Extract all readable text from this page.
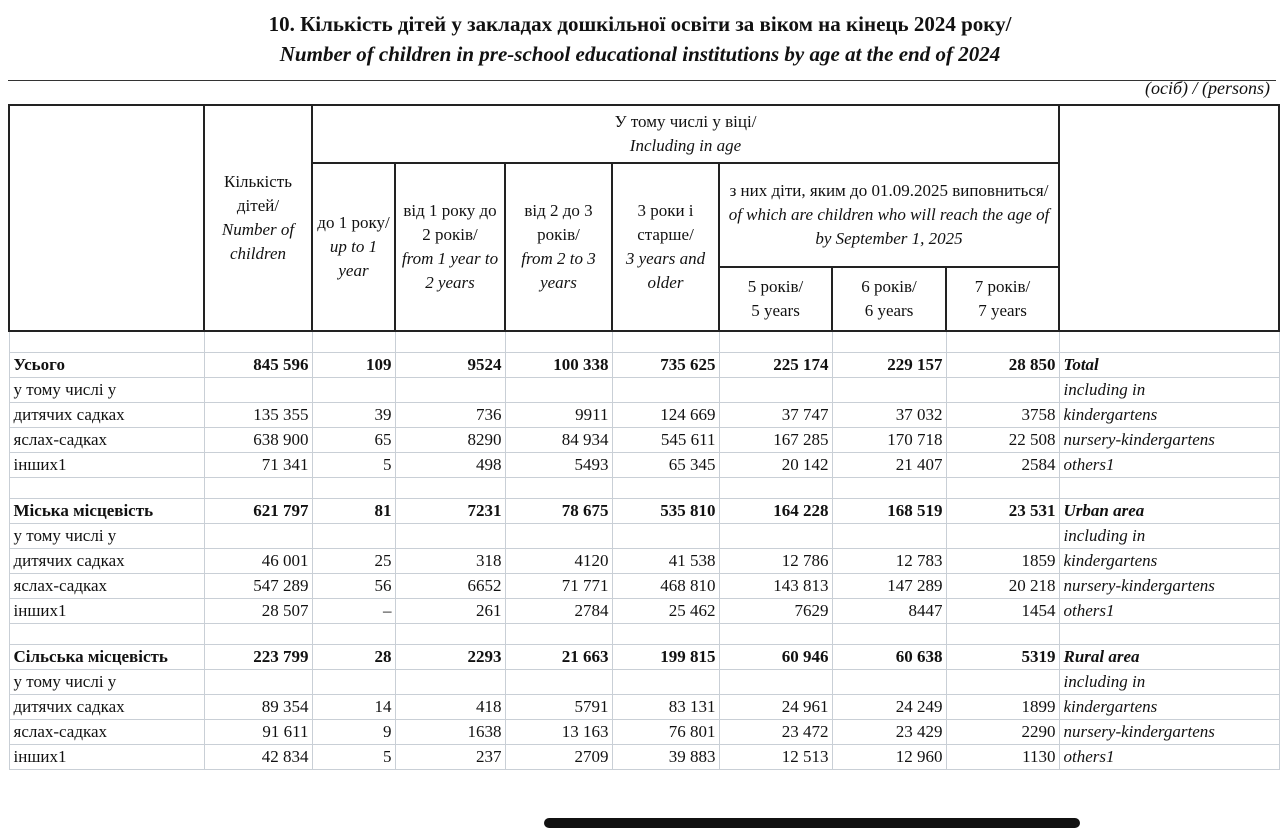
10. Кількість дітей у закладах дошкільної освіти за віком на кінець 2024 року/
Number of children in pre-school educational institutions by age at the end of 2024
(осіб) / (persons)

	Кількість дітей/
Number of children	У тому числі у віці/
Including in age							

		до 1 року/
up to 1 year	від 1 року до 2 років/
from 1 year to 2 years	від 2 до 3 років/
from 2 to 3 years	3 роки і старше/
3 years and older	з них діти, яким до 01.09.2025 виповниться/
of which are children who will reach the age of by September 1, 2025			

						5 років/
5 years	6 років/
6 years	7 років/
7 years	

Усього	845 596	109	9524	100 338	735 625	225 174	229 157	28 850	Total
у тому числі у									including in
дитячих садках	135 355	39	736	9911	124 669	37 747	37 032	3758	kindergartens
яслах-садках	638 900	65	8290	84 934	545 611	167 285	170 718	22 508	nursery-kindergartens
інших1	71 341	5	498	5493	65 345	20 142	21 407	2584	others1

Міська місцевість	621 797	81	7231	78 675	535 810	164 228	168 519	23 531	Urban area
у тому числі у									including in
дитячих садках	46 001	25	318	4120	41 538	12 786	12 783	1859	kindergartens
яслах-садках	547 289	56	6652	71 771	468 810	143 813	147 289	20 218	nursery-kindergartens
інших1	28 507	–	261	2784	25 462	7629	8447	1454	others1

Сільська місцевість	223 799	28	2293	21 663	199 815	60 946	60 638	5319	Rural area
у тому числі у									including in
дитячих садках	89 354	14	418	5791	83 131	24 961	24 249	1899	kindergartens
яслах-садках	91 611	9	1638	13 163	76 801	23 472	23 429	2290	nursery-kindergartens
інших1	42 834	5	237	2709	39 883	12 513	12 960	1130	others1
